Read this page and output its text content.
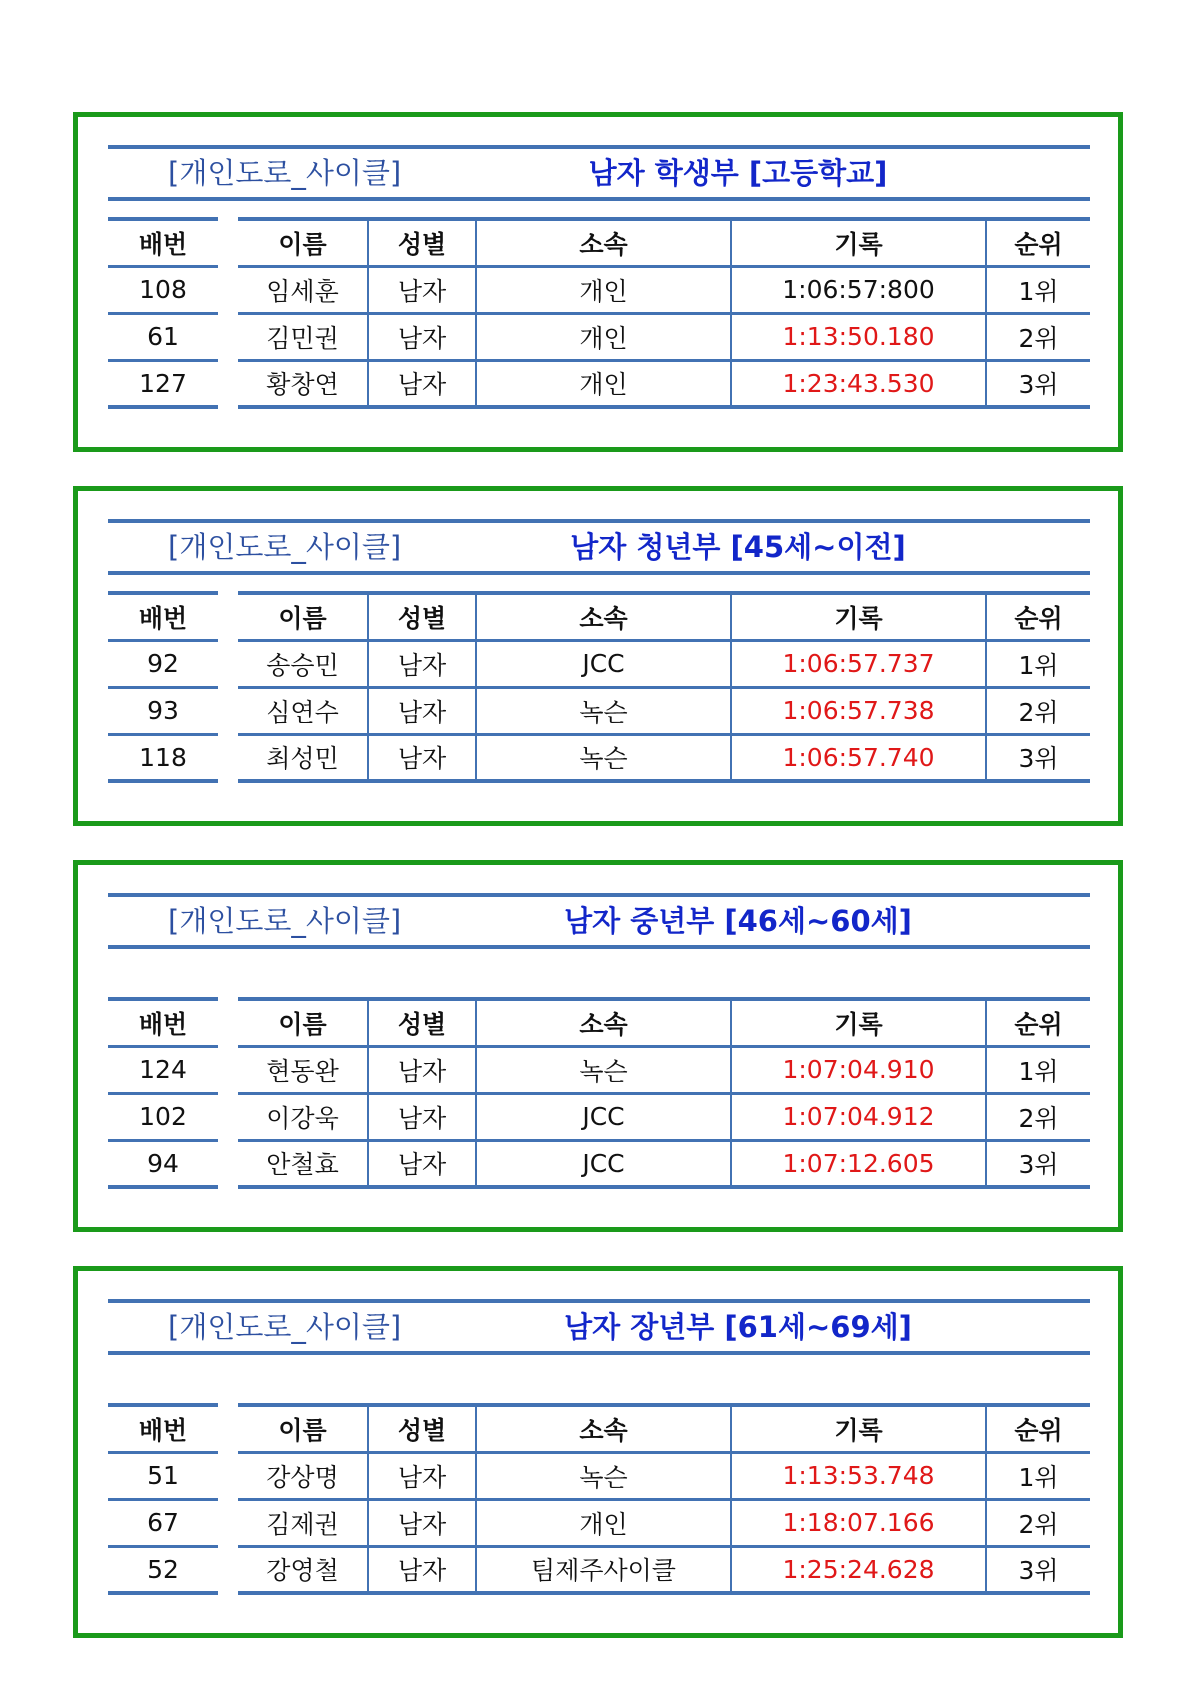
[개인도로_사이클]	남자 학생부 [고등학교]
배번		이름	성별	소속	기록	순위
108		임세훈	남자	개인	1:06:57:800	1위
61		김민권	남자	개인	1:13:50.180	2위
127		황창연	남자	개인	1:23:43.530	3위
[개인도로_사이클]	남자 청년부 [45세~이전]
배번		이름	성별	소속	기록	순위
92		송승민	남자	JCC	1:06:57.737	1위
93		심연수	남자	녹슨	1:06:57.738	2위
118		최성민	남자	녹슨	1:06:57.740	3위
[개인도로_사이클]	남자 중년부 [46세~60세]
배번		이름	성별	소속	기록	순위
124		현동완	남자	녹슨	1:07:04.910	1위
102		이강욱	남자	JCC	1:07:04.912	2위
94		안철효	남자	JCC	1:07:12.605	3위
[개인도로_사이클]	남자 장년부 [61세~69세]
배번		이름	성별	소속	기록	순위
51		강상명	남자	녹슨	1:13:53.748	1위
67		김제권	남자	개인	1:18:07.166	2위
52		강영철	남자	팀제주사이클	1:25:24.628	3위
